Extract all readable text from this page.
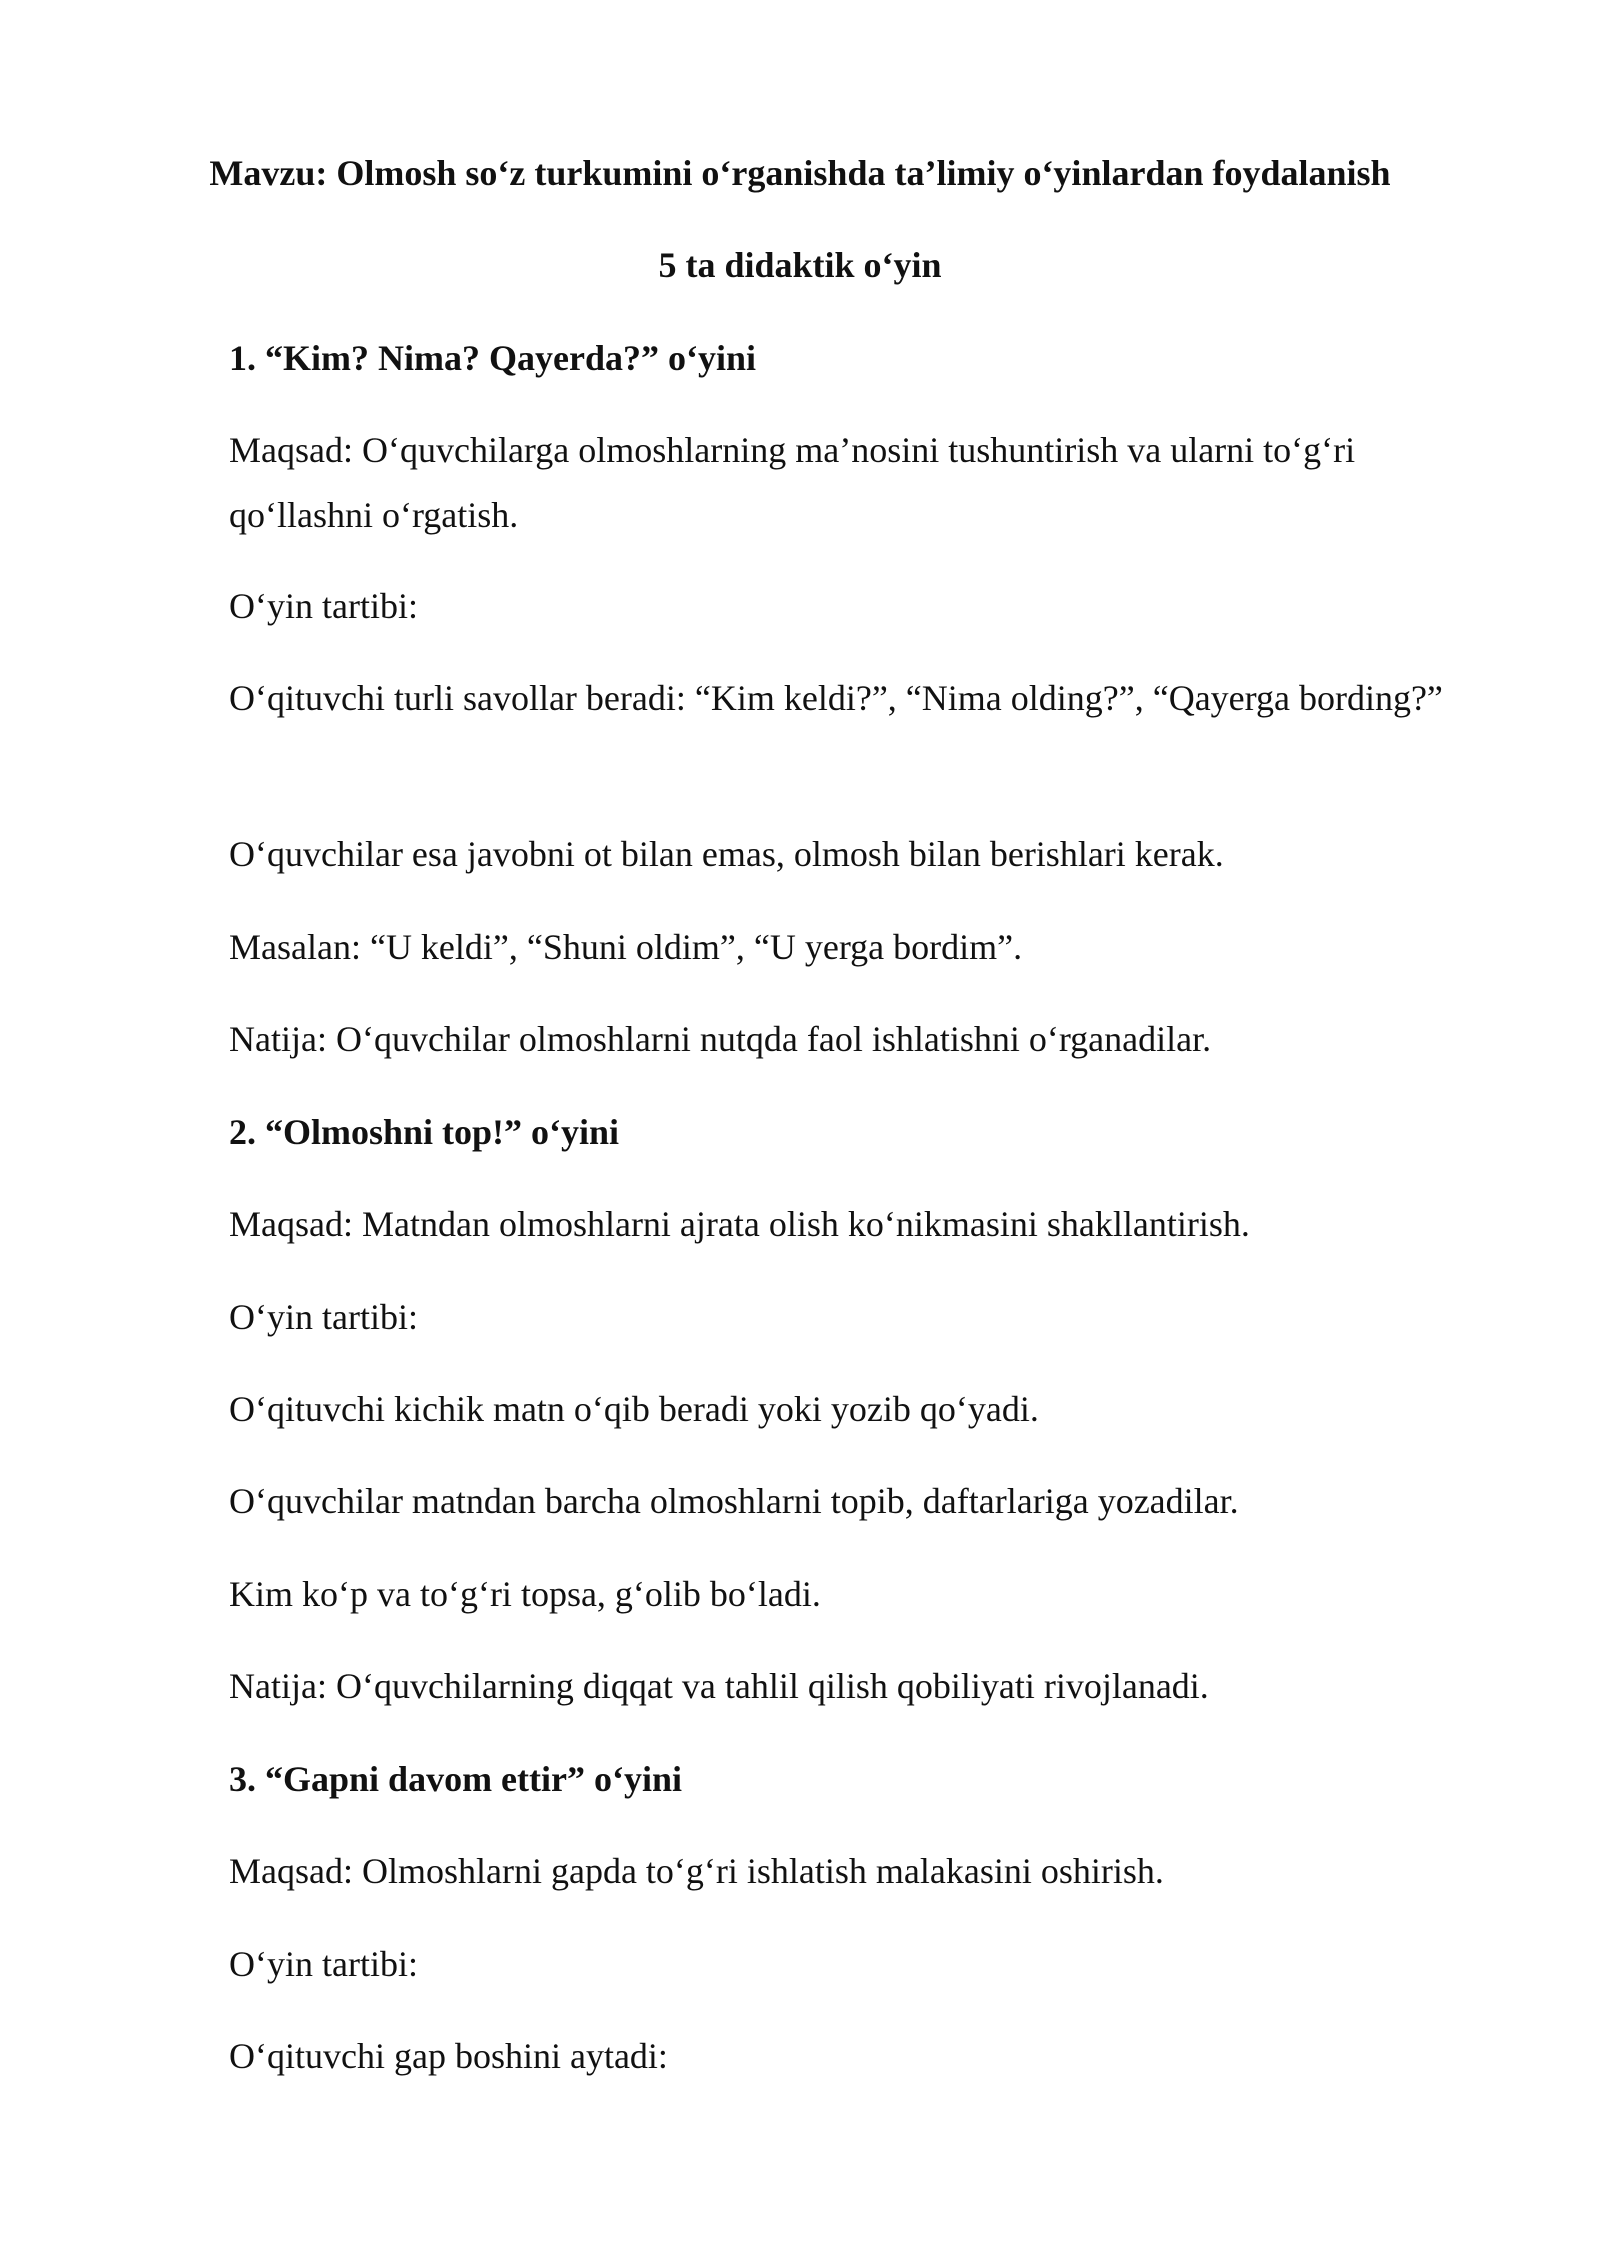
Mavzu: Olmosh so‘z turkumini o‘rganishda ta’limiy o‘yinlardan foydalanish
5 ta didaktik o‘yin
1. “Kim? Nima? Qayerda?” o‘yini
Maqsad: O‘quvchilarga olmoshlarning ma’nosini tushuntirish va ularni to‘g‘ri qo‘llashni o‘rgatish.
O‘yin tartibi:
O‘qituvchi turli savollar beradi: “Kim keldi?”, “Nima olding?”, “Qayerga bording?”
O‘quvchilar esa javobni ot bilan emas, olmosh bilan berishlari kerak.
Masalan: “U keldi”, “Shuni oldim”, “U yerga bordim”.
Natija: O‘quvchilar olmoshlarni nutqda faol ishlatishni o‘rganadilar.
2. “Olmoshni top!” o‘yini
Maqsad: Matndan olmoshlarni ajrata olish ko‘nikmasini shakllantirish.
O‘yin tartibi:
O‘qituvchi kichik matn o‘qib beradi yoki yozib qo‘yadi.
O‘quvchilar matndan barcha olmoshlarni topib, daftarlariga yozadilar.
Kim ko‘p va to‘g‘ri topsa, g‘olib bo‘ladi.
Natija: O‘quvchilarning diqqat va tahlil qilish qobiliyati rivojlanadi.
3. “Gapni davom ettir” o‘yini
Maqsad: Olmoshlarni gapda to‘g‘ri ishlatish malakasini oshirish.
O‘yin tartibi:
O‘qituvchi gap boshini aytadi:
